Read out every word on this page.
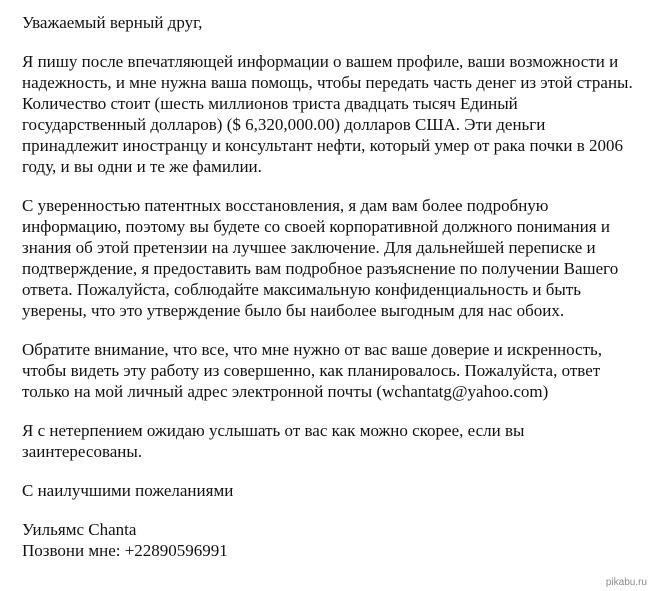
Уважаемый верный друг,

Я пишу после впечатляющей информации о вашем профиле, ваши возможности и
надежность, и мне нужна ваша помощь, чтобы передать часть денег из этой страны.
Количество стоит (шесть миллионов триста двадцать тысяч Единый
государственный долларов) ($ 6,320,000.00) долларов США. Эти деньги
принадлежит иностранцу и консультант нефти, который умер от рака почки в 2006
году, и вы одни и те же фамилии.

С уверенностью патентных восстановления, я дам вам более подробную
информацию, поэтому вы будете со своей корпоративной должного понимания и
знания об этой претензии на лучшее заключение. Для дальнейшей переписке и
подтверждение, я предоставить вам подробное разъяснение по получении Вашего
ответа. Пожалуйста, соблюдайте максимальную конфиденциальность и быть
уверены, что это утверждение было бы наиболее выгодным для нас обоих.

Обратите внимание, что все, что мне нужно от вас ваше доверие и искренность,
чтобы видеть эту работу из совершенно, как планировалось. Пожалуйста, ответ
только на мой личный адрес электронной почты (wchantatg@yahoo.com)

Я с нетерпением ожидаю услышать от вас как можно скорее, если вы
заинтересованы.

С наилучшими пожеланиями

Уильямс Chanta

Позвони мне: +22890596991

pikabu.ru
